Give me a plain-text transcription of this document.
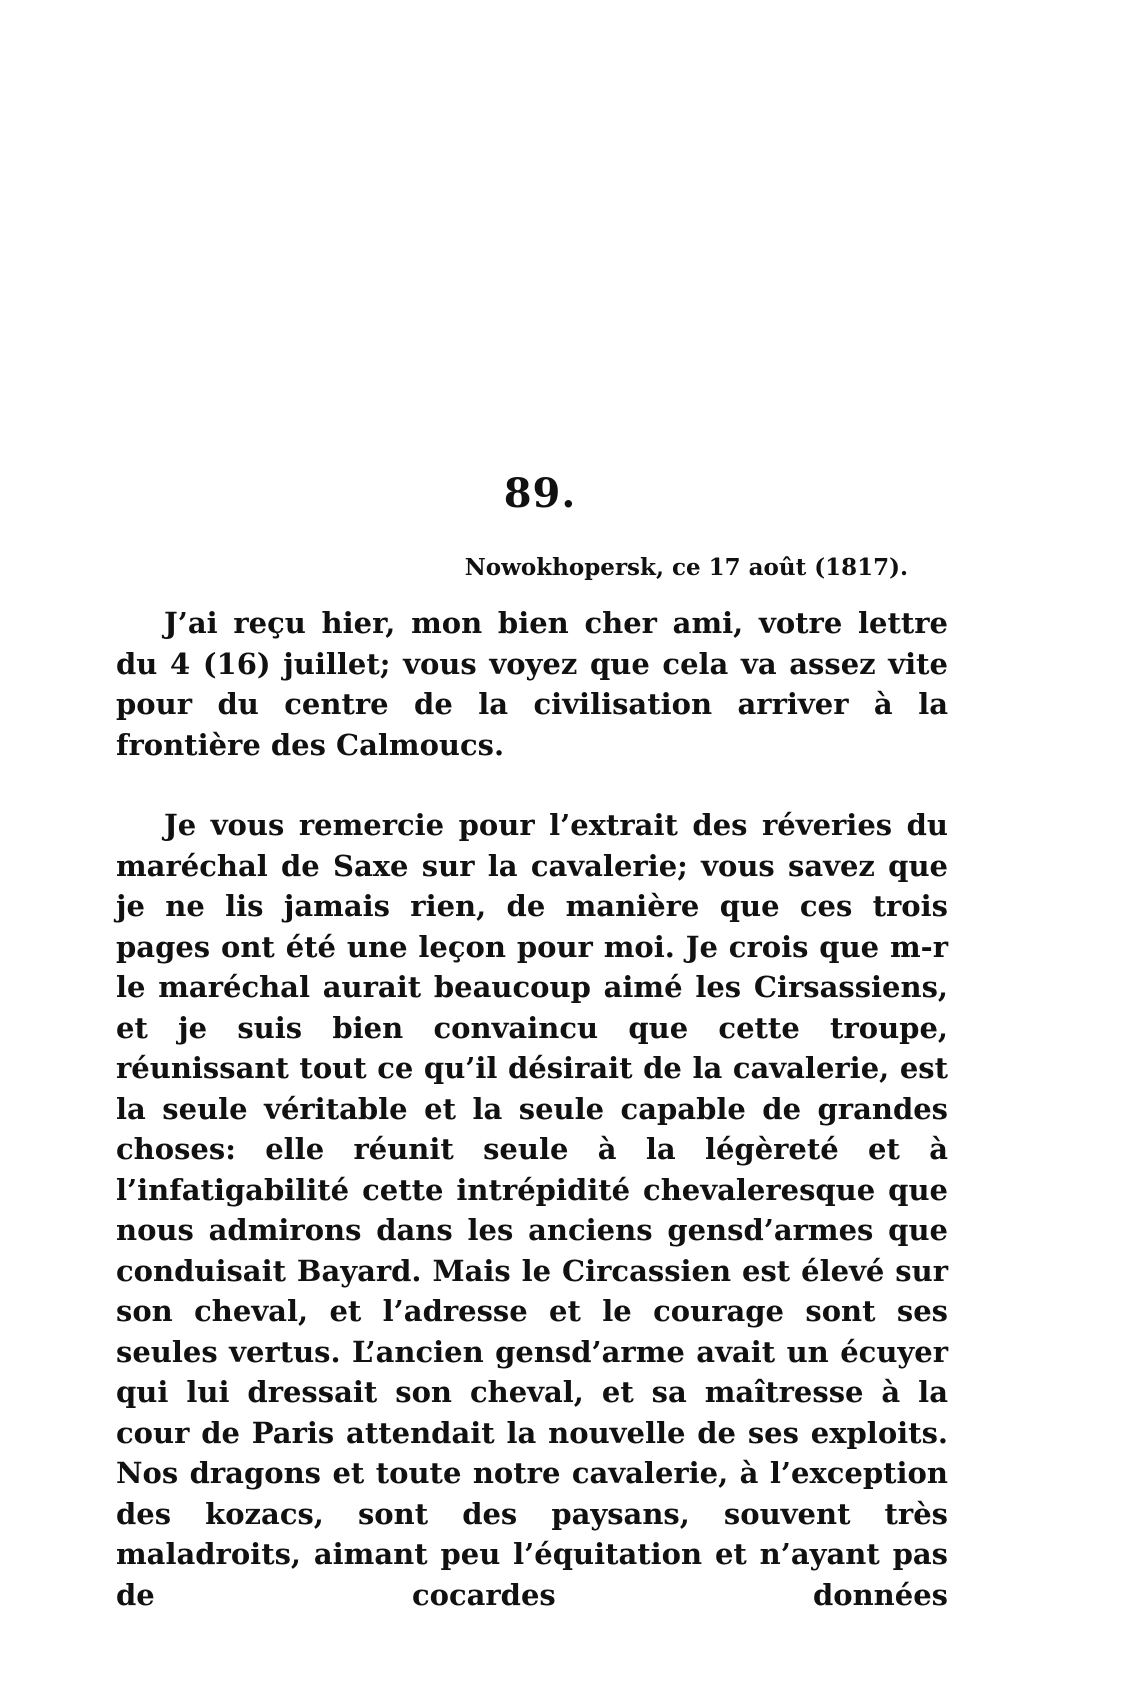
89.
Nowokhopersk, ce 17 août (1817).

J’ai reçu hier, mon bien cher ami, votre lettre du 4 (16) juillet; vous voyez que cela va assez vite pour du centre de la civilisation arriver à la frontière des Calmoucs.

Je vous remercie pour l’extrait des réveries du maréchal de Saxe sur la cavalerie; vous savez que je ne lis jamais rien, de manière que ces trois pages ont été une leçon pour moi. Je crois que m-r le maréchal aurait beaucoup aimé les Cirsassiens, et je suis bien convaincu que cette troupe, réunissant tout ce qu’il désirait de la cavalerie, est la seule véritable et la seule capable de grandes choses: elle réunit seule à la légèreté et à l’infatigabilité cette intrépidité chevaleresque que nous admirons dans les anciens gensd’armes que conduisait Bayard. Mais le Circassien est élevé sur son cheval, et l’adresse et le courage sont ses seules vertus. L’ancien gensd’arme avait un écuyer qui lui dressait son cheval, et sa maîtresse à la cour de Paris attendait la nouvelle de ses exploits. Nos dragons et toute notre cavalerie, à l’exception des kozacs, sont des paysans, souvent très maladroits, aimant peu l’équitation et n’ayant pas de cocardes données
